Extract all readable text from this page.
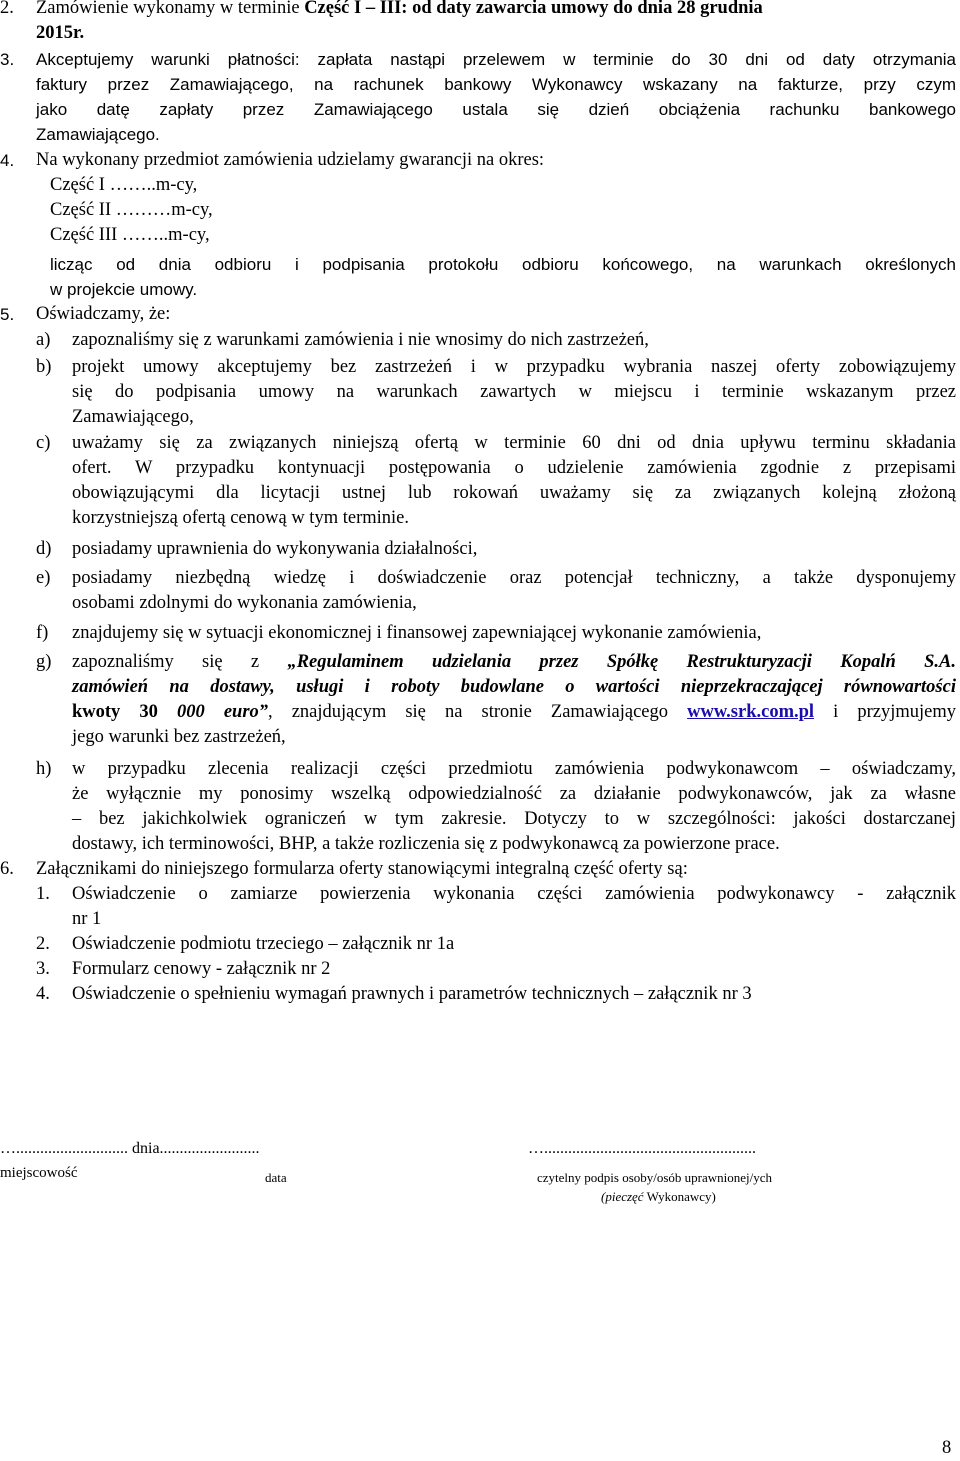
2. Zamówienie wykonamy w terminie Część I – III: od daty zawarcia umowy do dnia 28 grudnia
2015r.
3. Akceptujemy warunki płatności: zapłata nastąpi przelewem w terminie do 30 dni od daty otrzymania
faktury przez Zamawiającego, na rachunek bankowy Wykonawcy wskazany na fakturze, przy czym
jako datę zapłaty przez Zamawiającego ustala się dzień obciążenia rachunku bankowego
Zamawiającego.
4. Na wykonany przedmiot zamówienia udzielamy gwarancji na okres:
Część I ……..m-cy,
Część II ………m-cy,
Część III ……..m-cy,
licząc od dnia odbioru i podpisania protokołu odbioru końcowego, na warunkach określonych
w projekcie umowy.
5. Oświadczamy, że:
a) zapoznaliśmy się z warunkami zamówienia i nie wnosimy do nich zastrzeżeń,
b) projekt umowy akceptujemy bez zastrzeżeń i w przypadku wybrania naszej oferty zobowiązujemy
się do podpisania umowy na warunkach zawartych w miejscu i terminie wskazanym przez
Zamawiającego,
c) uważamy się za związanych niniejszą ofertą w terminie 60 dni od dnia upływu terminu składania
ofert. W przypadku kontynuacji postępowania o udzielenie zamówienia zgodnie z przepisami
obowiązującymi dla licytacji ustnej lub rokowań uważamy się za związanych kolejną złożoną
korzystniejszą ofertą cenową w tym terminie.
d) posiadamy uprawnienia do wykonywania działalności,
e) posiadamy niezbędną wiedzę i doświadczenie oraz potencjał techniczny, a także dysponujemy
osobami zdolnymi do wykonania zamówienia,
f) znajdujemy się w sytuacji ekonomicznej i finansowej zapewniającej wykonanie zamówienia,
g) zapoznaliśmy się z „Regulaminem udzielania przez Spółkę Restrukturyzacji Kopalń S.A.
zamówień na dostawy, usługi i roboty budowlane o wartości nieprzekraczającej równowartości
kwoty 30 000 euro”, znajdującym się na stronie Zamawiającego www.srk.com.pl i przyjmujemy
jego warunki bez zastrzeżeń,
h) w przypadku zlecenia realizacji części przedmiotu zamówienia podwykonawcom – oświadczamy,
że wyłącznie my ponosimy wszelką odpowiedzialność za działanie podwykonawców, jak za własne
– bez jakichkolwiek ograniczeń w tym zakresie. Dotyczy to w szczególności: jakości dostarczanej
dostawy, ich terminowości, BHP, a także rozliczenia się z podwykonawcą za powierzone prace.
6. Załącznikami do niniejszego formularza oferty stanowiącymi integralną część oferty są:
1. Oświadczenie o zamiarze powierzenia wykonania części zamówienia podwykonawcy - załącznik
nr 1
2. Oświadczenie podmiotu trzeciego – załącznik nr 1a
3. Formularz cenowy - załącznik nr 2
4. Oświadczenie o spełnieniu wymagań prawnych i parametrów technicznych – załącznik nr 3
…............................ dnia.........................	….....................................................
miejscowość	data	czytelny podpis osoby/osób uprawnionej/ych
(pieczęć Wykonawcy)
8
